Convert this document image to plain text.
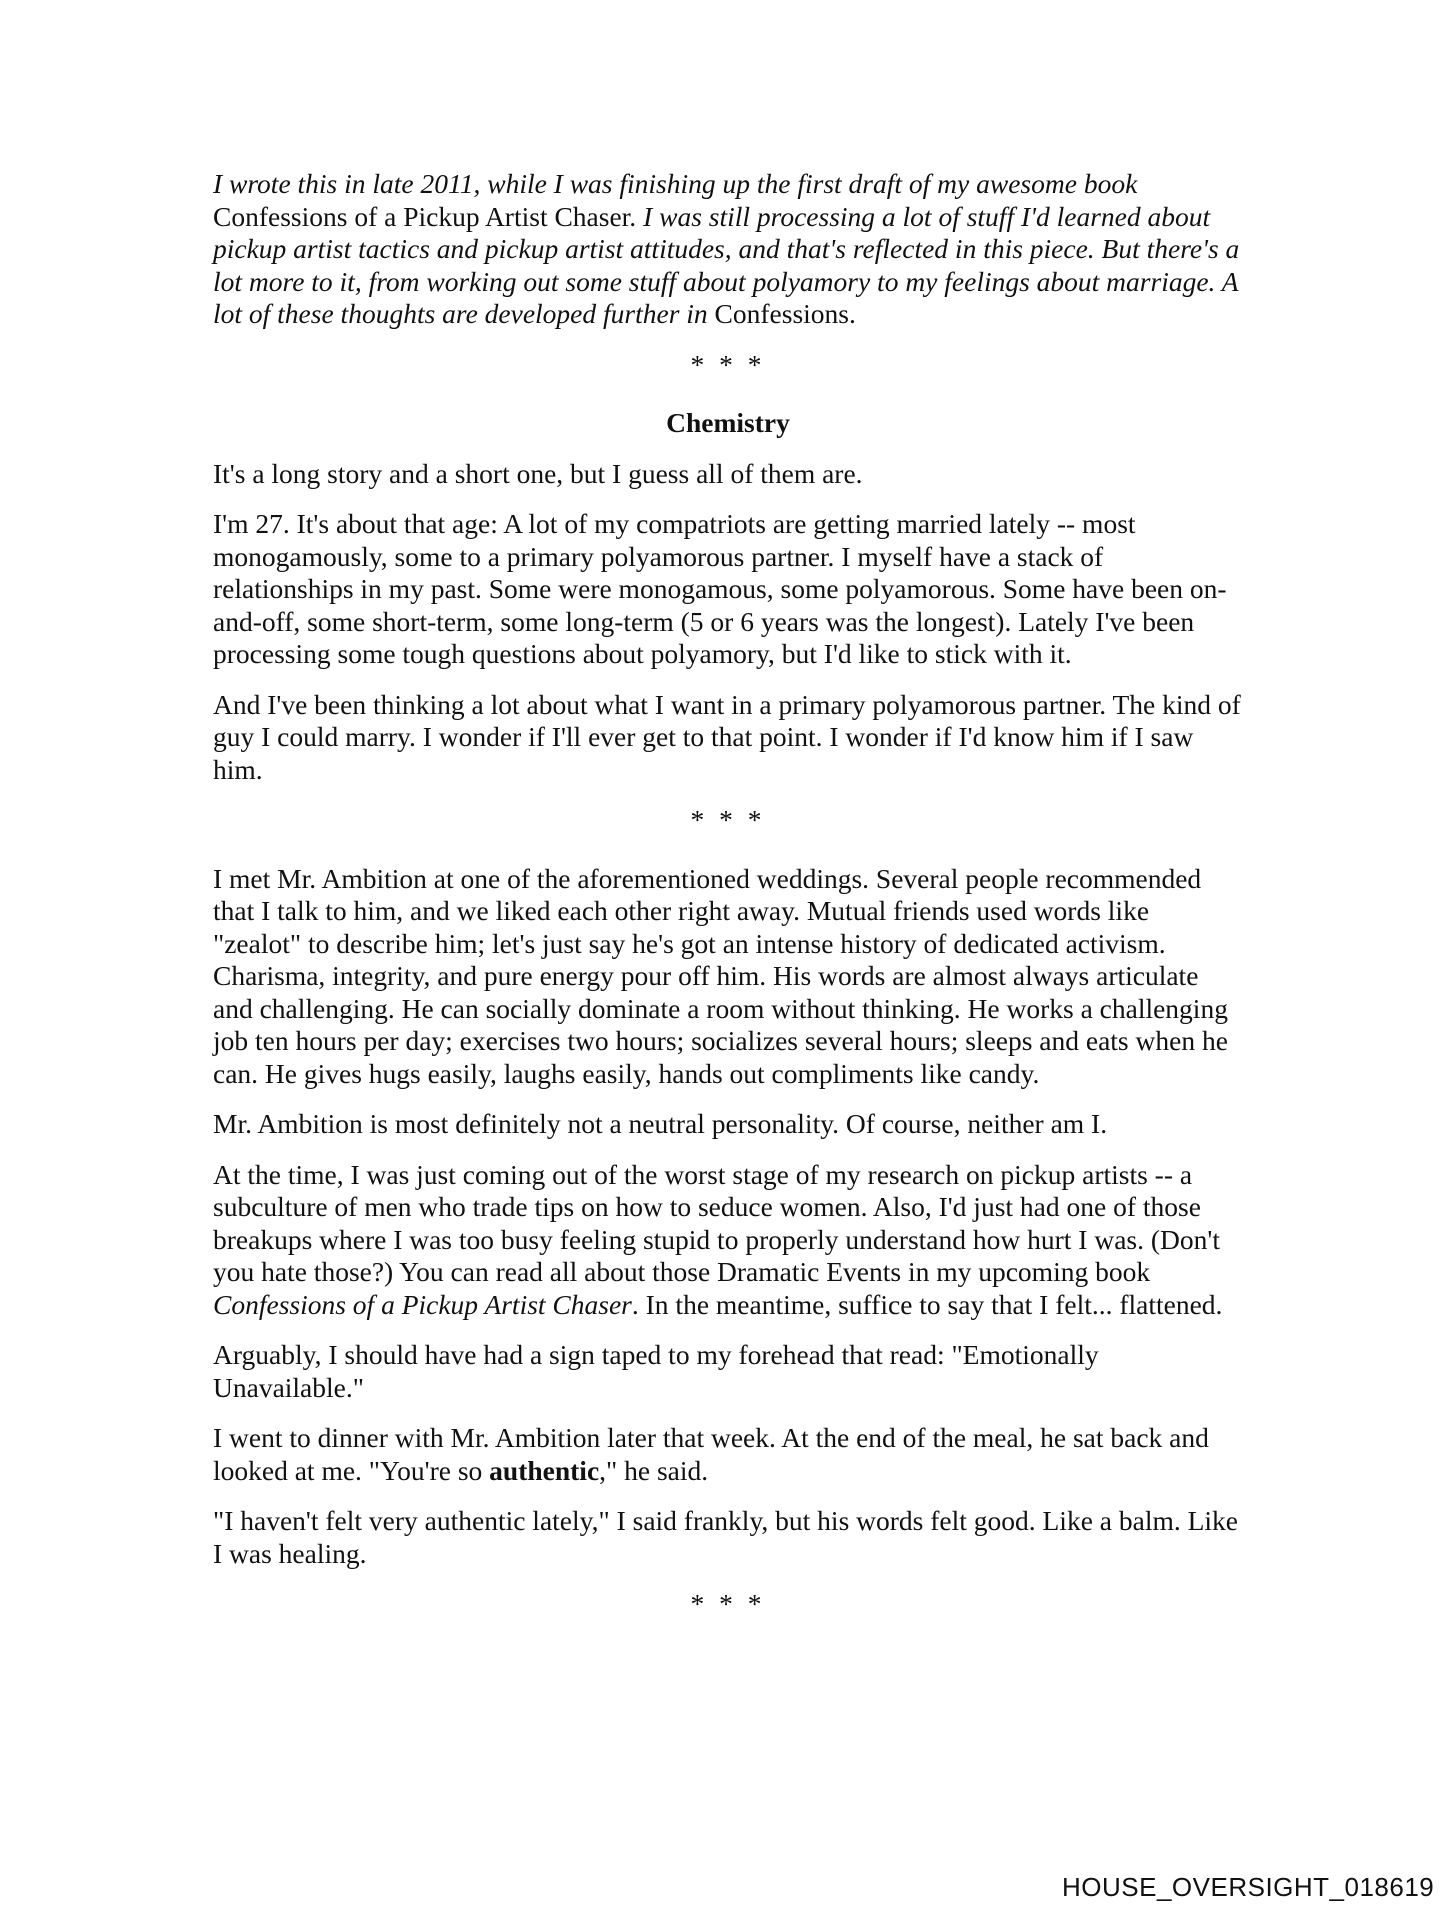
I wrote this in late 2011, while I was finishing up the first draft of my awesome book Confessions of a Pickup Artist Chaser. I was still processing a lot of stuff I'd learned about pickup artist tactics and pickup artist attitudes, and that's reflected in this piece. But there's a lot more to it, from working out some stuff about polyamory to my feelings about marriage. A lot of these thoughts are developed further in Confessions.

* * *
Chemistry

It's a long story and a short one, but I guess all of them are.

I'm 27. It's about that age: A lot of my compatriots are getting married lately -- most monogamously, some to a primary polyamorous partner. I myself have a stack of relationships in my past. Some were monogamous, some polyamorous. Some have been on-and-off, some short-term, some long-term (5 or 6 years was the longest). Lately I've been processing some tough questions about polyamory, but I'd like to stick with it.

And I've been thinking a lot about what I want in a primary polyamorous partner. The kind of guy I could marry. I wonder if I'll ever get to that point. I wonder if I'd know him if I saw him.

* * *

I met Mr. Ambition at one of the aforementioned weddings. Several people recommended that I talk to him, and we liked each other right away. Mutual friends used words like "zealot" to describe him; let's just say he's got an intense history of dedicated activism. Charisma, integrity, and pure energy pour off him. His words are almost always articulate and challenging. He can socially dominate a room without thinking. He works a challenging job ten hours per day; exercises two hours; socializes several hours; sleeps and eats when he can. He gives hugs easily, laughs easily, hands out compliments like candy.

Mr. Ambition is most definitely not a neutral personality. Of course, neither am I.

At the time, I was just coming out of the worst stage of my research on pickup artists -- a subculture of men who trade tips on how to seduce women. Also, I'd just had one of those breakups where I was too busy feeling stupid to properly understand how hurt I was. (Don't you hate those?) You can read all about those Dramatic Events in my upcoming book Confessions of a Pickup Artist Chaser. In the meantime, suffice to say that I felt... flattened.

Arguably, I should have had a sign taped to my forehead that read: "Emotionally Unavailable."

I went to dinner with Mr. Ambition later that week. At the end of the meal, he sat back and looked at me. "You're so authentic," he said.

"I haven't felt very authentic lately," I said frankly, but his words felt good. Like a balm. Like I was healing.

* * *
HOUSE_OVERSIGHT_018619
